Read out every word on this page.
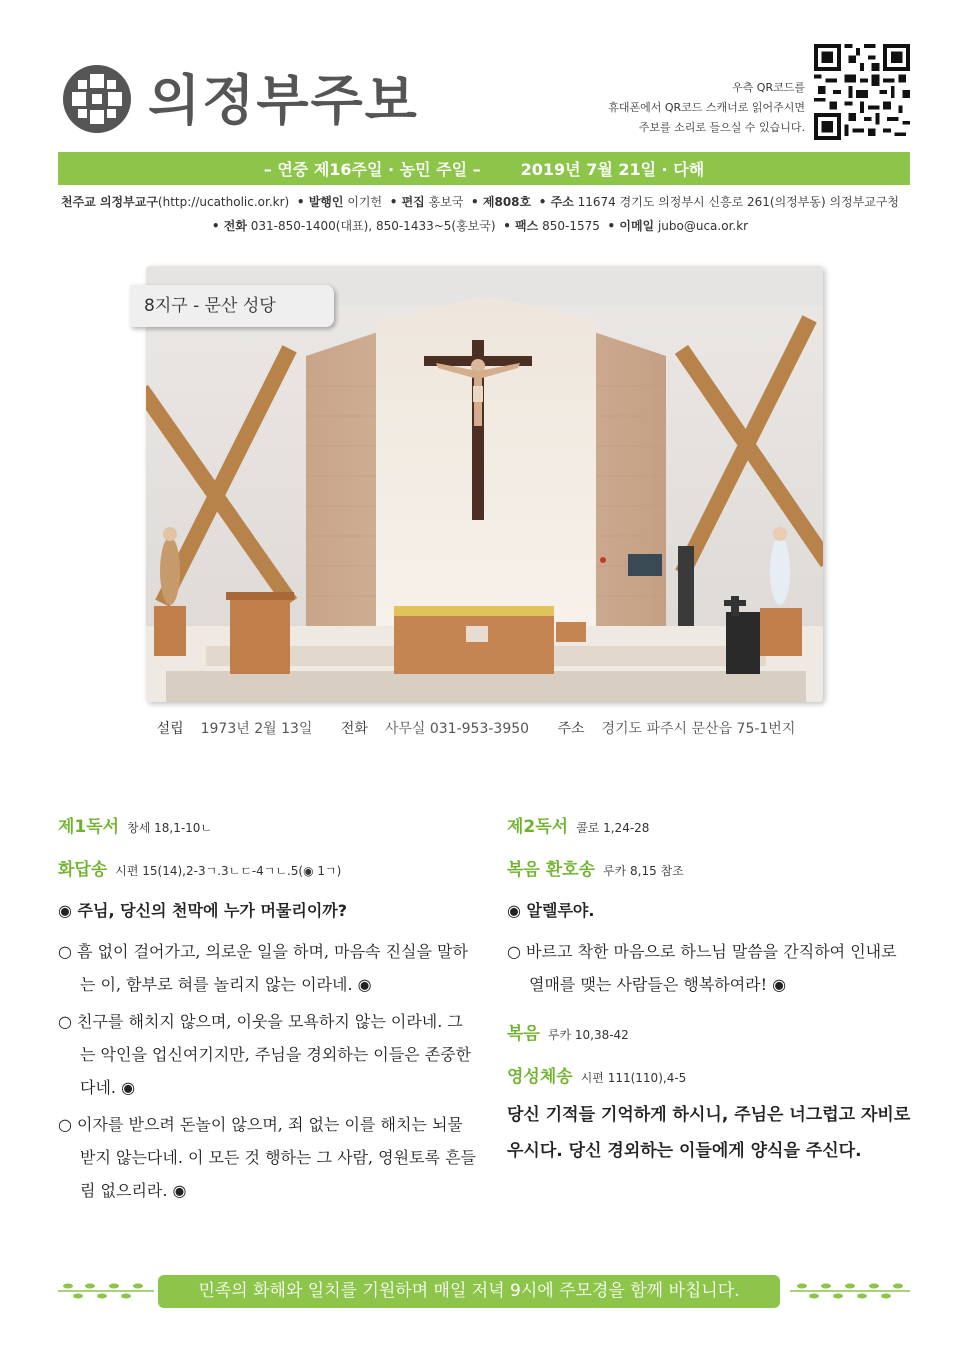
의정부주보	우측 QR코드를
휴대폰에서 QR코드 스캐너로 읽어주시면
주보를 소리로 들으실 수 있습니다.
– 연중 제16주일 · 농민 주일 –	2019년 7월 21일 · 다해
천주교 의정부교구(http://ucatholic.or.kr) • 발행인 이기헌 • 편집 홍보국 • 제808호 • 주소 11674 경기도 의정부시 신흥로 261(의정부동) 의정부교구청
• 전화 031-850-1400(대표), 850-1433~5(홍보국) • 팩스 850-1575 • 이메일 jubo@uca.or.kr
8지구 - 문산 성당
설립 1973년 2월 13일 전화 사무실 031-953-3950 주소 경기도 파주시 문산읍 75-1번지
제1독서 창세 18,1-10ㄴ
화답송 시편 15(14),2-3ㄱ.3ㄴㄷ-4ㄱㄴ.5(◉ 1ㄱ)
◉ 주님, 당신의 천막에 누가 머물리이까?
○ 흠 없이 걸어가고, 의로운 일을 하며, 마음속 진실을 말하는 이, 함부로 혀를 놀리지 않는 이라네. ◉
○ 친구를 해치지 않으며, 이웃을 모욕하지 않는 이라네. 그는 악인을 업신여기지만, 주님을 경외하는 이들은 존중한다네. ◉
○ 이자를 받으려 돈놀이 않으며, 죄 없는 이를 해치는 뇌물 받지 않는다네. 이 모든 것 행하는 그 사람, 영원토록 흔들림 없으리라. ◉
제2독서 콜로 1,24-28
복음 환호송 루카 8,15 참조
◉ 알렐루야.
○ 바르고 착한 마음으로 하느님 말씀을 간직하여 인내로 열매를 맺는 사람들은 행복하여라! ◉
복음 루카 10,38-42
영성체송 시편 111(110),4-5
당신 기적들 기억하게 하시니, 주님은 너그럽고 자비로우시다. 당신 경외하는 이들에게 양식을 주신다.
민족의 화해와 일치를 기원하며 매일 저녁 9시에 주모경을 함께 바칩니다.
